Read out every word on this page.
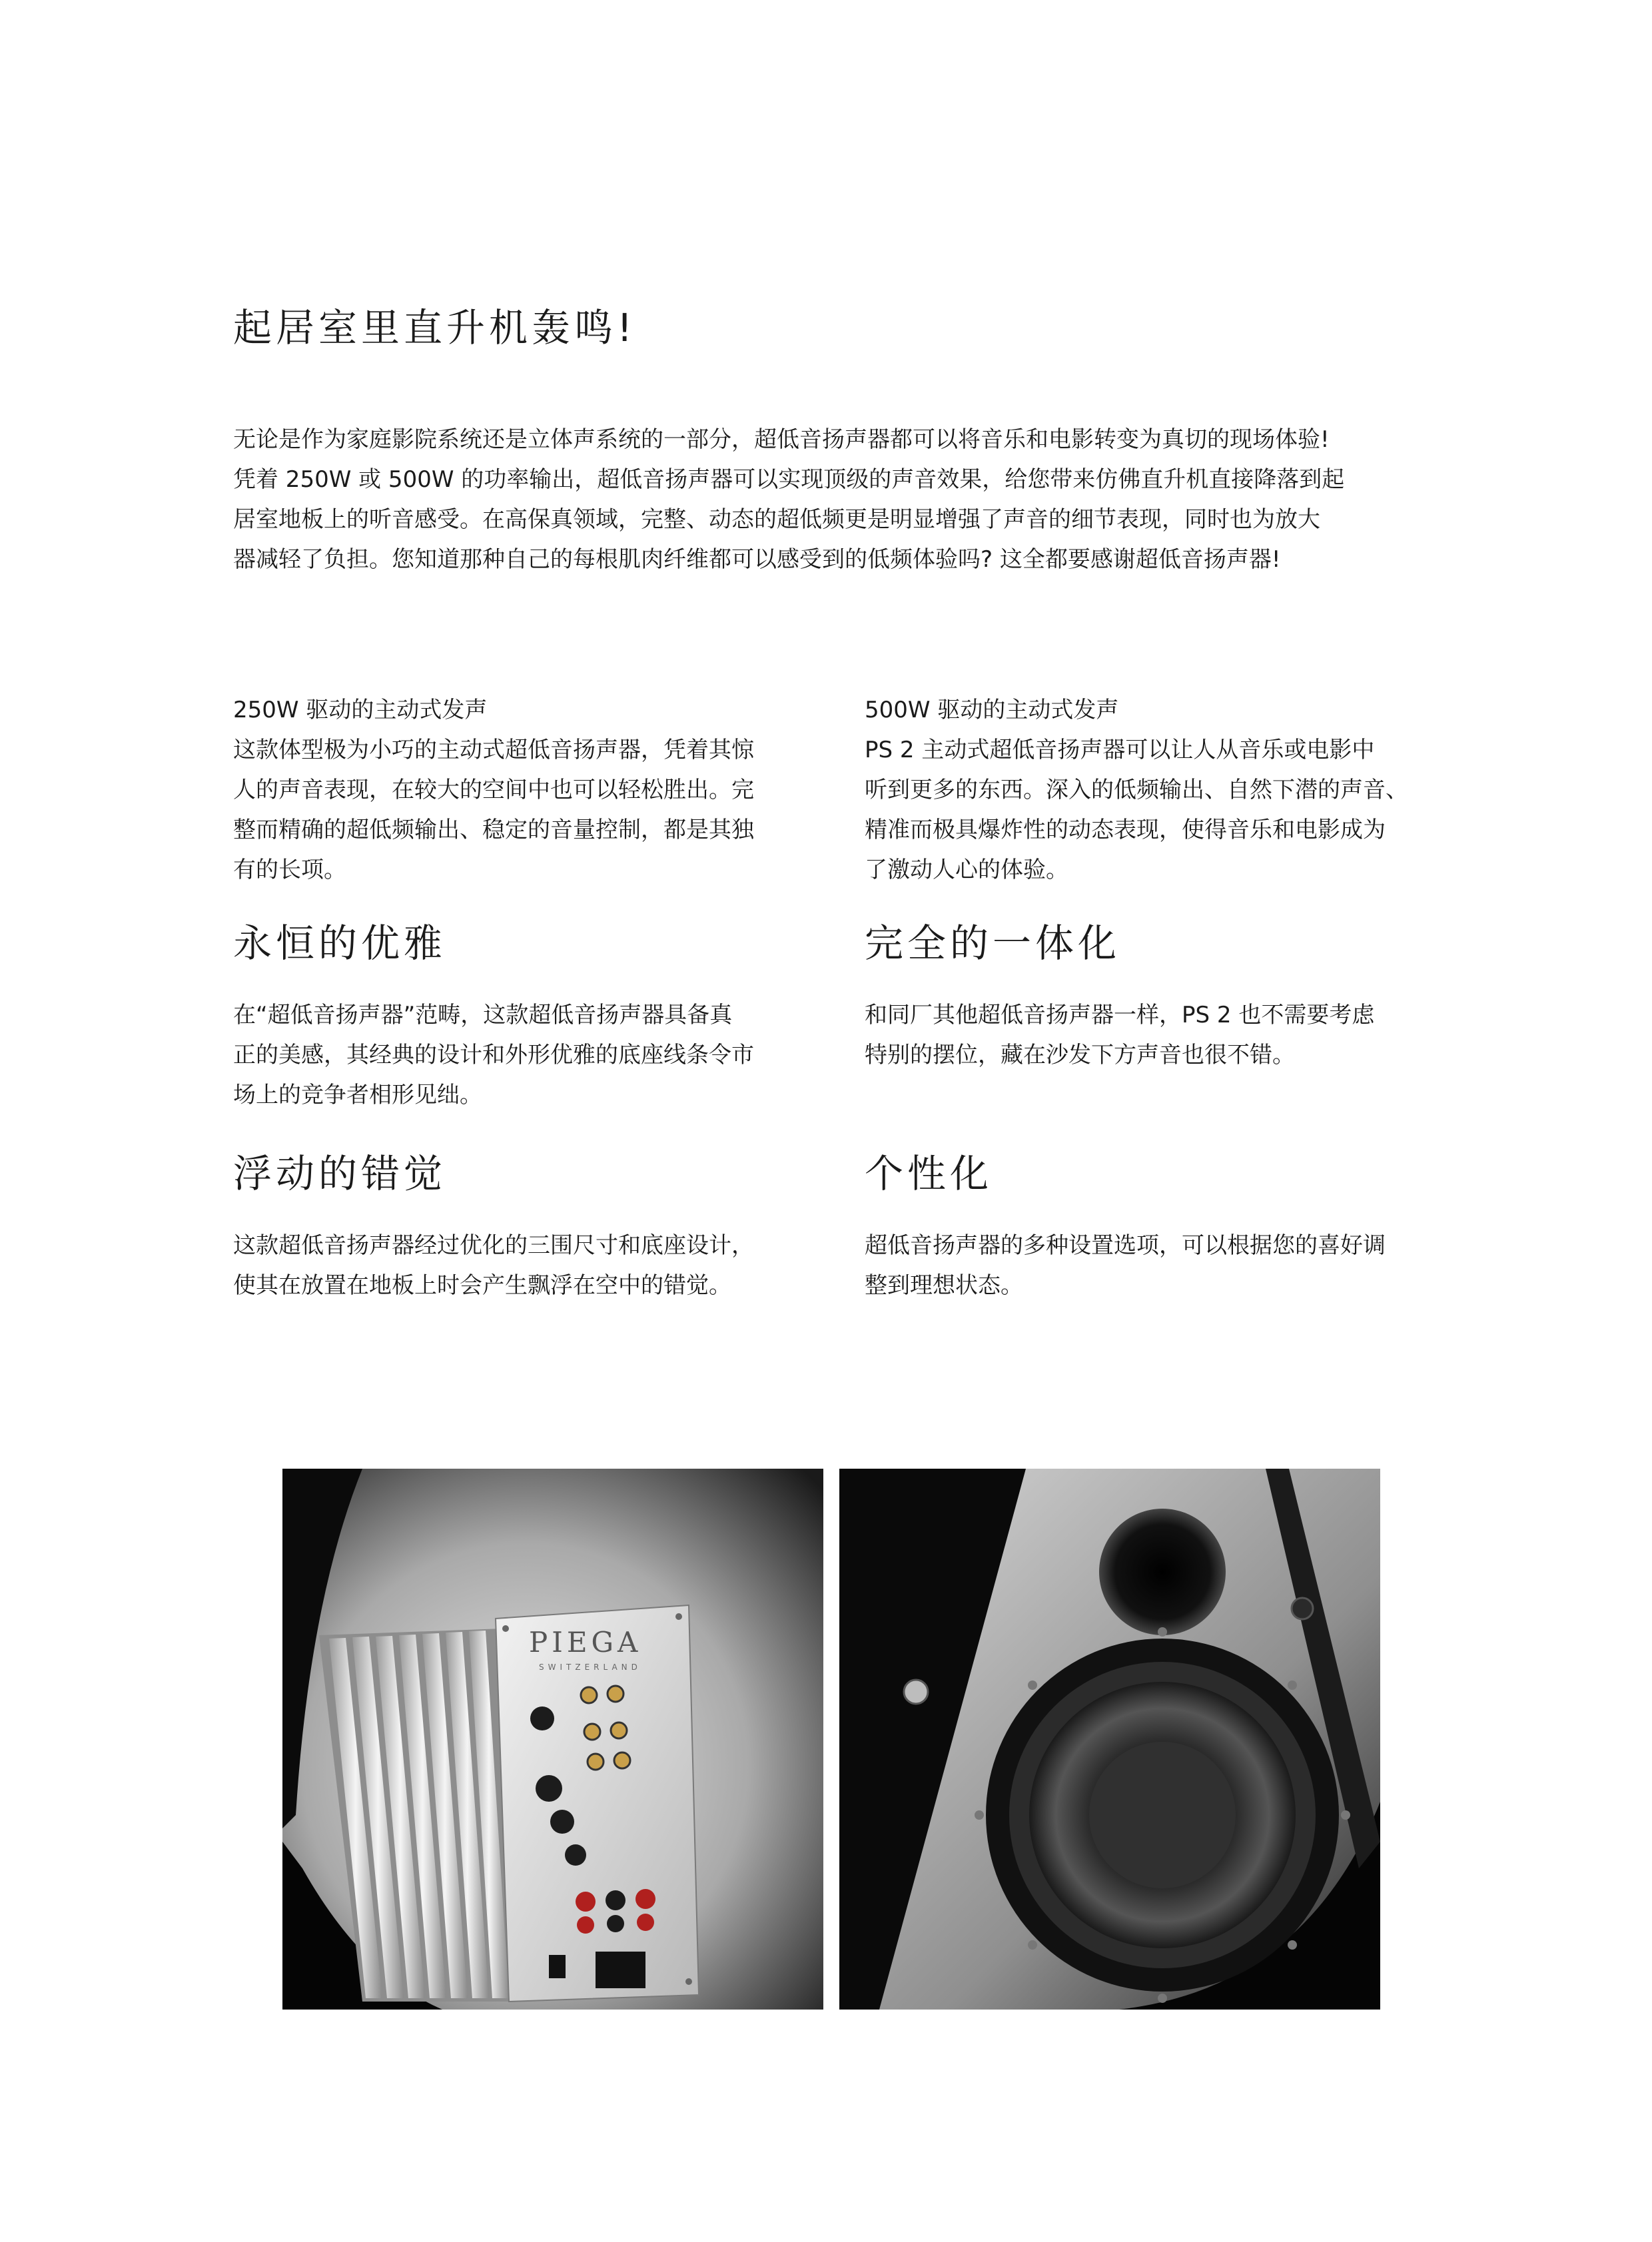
起居室里直升机轰鸣!
无论是作为家庭影院系统还是立体声系统的一部分，超低音扬声器都可以将音乐和电影转变为真切的现场体验!
凭着 250W 或 500W 的功率输出，超低音扬声器可以实现顶级的声音效果，给您带来仿佛直升机直接降落到起
居室地板上的听音感受。在高保真领域，完整、动态的超低频更是明显增强了声音的细节表现，同时也为放大
器减轻了负担。您知道那种自己的每根肌肉纤维都可以感受到的低频体验吗? 这全都要感谢超低音扬声器!
250W 驱动的主动式发声
这款体型极为小巧的主动式超低音扬声器，凭着其惊
人的声音表现，在较大的空间中也可以轻松胜出。完
整而精确的超低频输出、稳定的音量控制，都是其独
有的长项。
500W 驱动的主动式发声
PS 2 主动式超低音扬声器可以让人从音乐或电影中
听到更多的东西。深入的低频输出、自然下潜的声音、
精准而极具爆炸性的动态表现，使得音乐和电影成为
了激动人心的体验。
永恒的优雅
在“超低音扬声器”范畴，这款超低音扬声器具备真
正的美感，其经典的设计和外形优雅的底座线条令市
场上的竞争者相形见绌。
完全的一体化
和同厂其他超低音扬声器一样，PS 2 也不需要考虑
特别的摆位，藏在沙发下方声音也很不错。
浮动的错觉
这款超低音扬声器经过优化的三围尺寸和底座设计，
使其在放置在地板上时会产生飘浮在空中的错觉。
个性化
超低音扬声器的多种设置选项，可以根据您的喜好调
整到理想状态。
PIEGA
SWITZERLAND
